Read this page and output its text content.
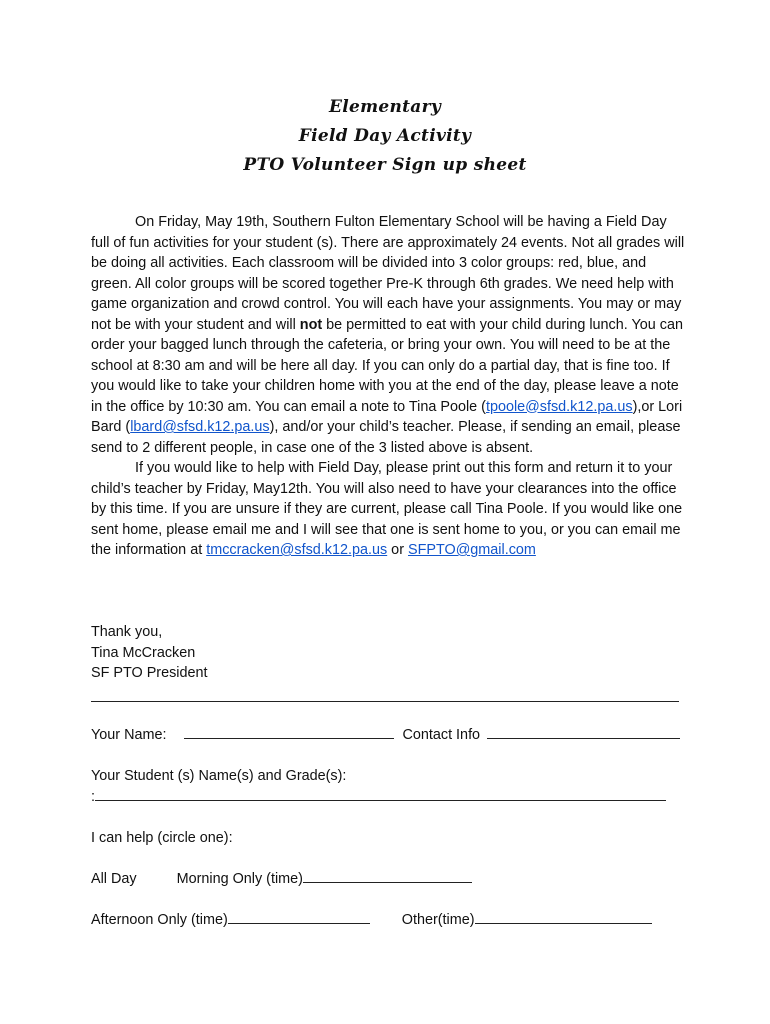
Elementary
Field Day Activity
PTO Volunteer Sign up sheet
On Friday, May 19th, Southern Fulton Elementary School will be having a Field Day full of fun activities for your student (s). There are approximately 24 events. Not all grades will be doing all activities. Each classroom will be divided into 3 color groups: red, blue, and green. All color groups will be scored together Pre-K through 6th grades. We need help with game organization and crowd control. You will each have your assignments. You may or may not be with your student and will not be permitted to eat with your child during lunch. You can order your bagged lunch through the cafeteria, or bring your own. You will need to be at the school at 8:30 am and will be here all day. If you can only do a partial day, that is fine too. If you would like to take your children home with you at the end of the day, please leave a note in the office by 10:30 am. You can email a note to Tina Poole (tpoole@sfsd.k12.pa.us),or Lori Bard (lbard@sfsd.k12.pa.us), and/or your child’s teacher. Please, if sending an email, please send to 2 different people, in case one of the 3 listed above is absent.
If you would like to help with Field Day, please print out this form and return it to your child’s teacher by Friday, May12th. You will also need to have your clearances into the office by this time. If you are unsure if they are current, please call Tina Poole. If you would like one sent home, please email me and I will see that one is sent home to you, or you can email me the information at tmccracken@sfsd.k12.pa.us or SFPTO@gmail.com
Thank you,
Tina McCracken
SF PTO President
Your Name:	Contact Info
Your Student (s) Name(s) and Grade(s):
:
I can help (circle one):
All Day	Morning Only (time)
Afternoon Only (time)	Other(time)
